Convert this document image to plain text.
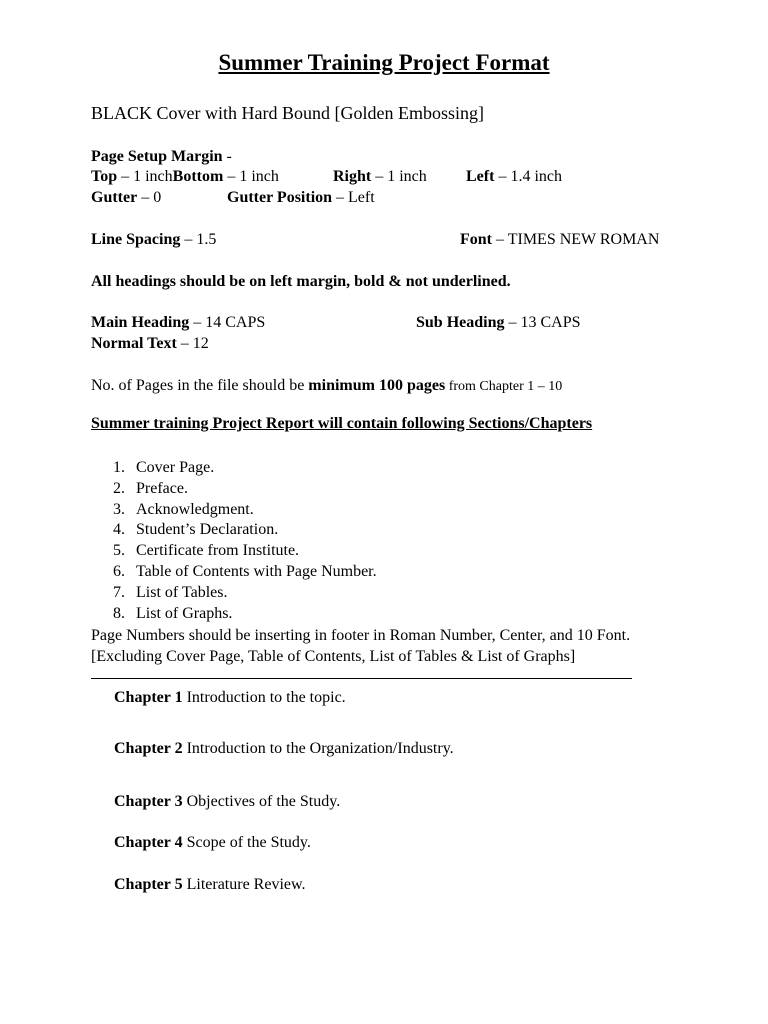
Summer Training Project Format
BLACK Cover with Hard Bound [Golden Embossing]
Page Setup Margin -
Top – 1 inchBottom – 1 inch	Right – 1 inch Left – 1.4 inch
Gutter – 0	Gutter Position – Left
Line Spacing – 1.5	Font – TIMES NEW ROMAN
All headings should be on left margin, bold & not underlined.
Main Heading – 14 CAPS	Sub Heading – 13 CAPS
Normal Text – 12
No. of Pages in the file should be minimum 100 pages from Chapter 1 – 10
Summer training Project Report will contain following Sections/Chapters
1. Cover Page.
2. Preface.
3. Acknowledgment.
4. Student’s Declaration.
5. Certificate from Institute.
6. Table of Contents with Page Number.
7. List of Tables.
8. List of Graphs.
Page Numbers should be inserting in footer in Roman Number, Center, and 10 Font.
[Excluding Cover Page, Table of Contents, List of Tables & List of Graphs]
Chapter 1 Introduction to the topic.
Chapter 2 Introduction to the Organization/Industry.
Chapter 3 Objectives of the Study.
Chapter 4 Scope of the Study.
Chapter 5 Literature Review.
